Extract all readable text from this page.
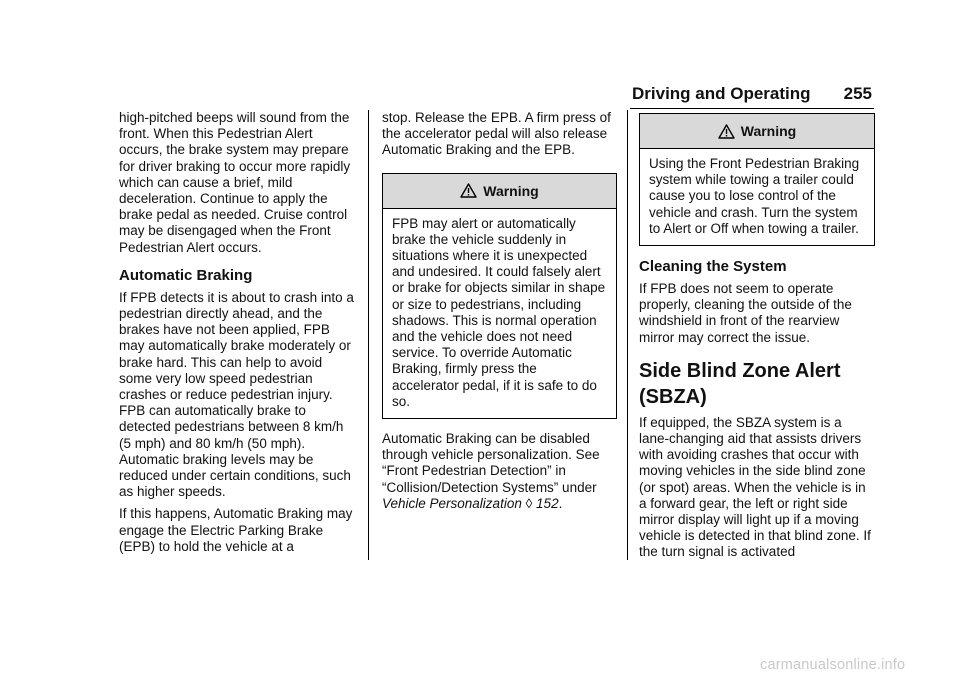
Driving and Operating 255

high-pitched beeps will sound from the front. When this Pedestrian Alert occurs, the brake system may prepare for driver braking to occur more rapidly which can cause a brief, mild deceleration. Continue to apply the brake pedal as needed. Cruise control may be disengaged when the Front Pedestrian Alert occurs.

Automatic Braking

If FPB detects it is about to crash into a pedestrian directly ahead, and the brakes have not been applied, FPB may automatically brake moderately or brake hard. This can help to avoid some very low speed pedestrian crashes or reduce pedestrian injury. FPB can automatically brake to detected pedestrians between 8 km/h (5 mph) and 80 km/h (50 mph). Automatic braking levels may be reduced under certain conditions, such as higher speeds.

If this happens, Automatic Braking may engage the Electric Parking Brake (EPB) to hold the vehicle at a

stop. Release the EPB. A firm press of the accelerator pedal will also release Automatic Braking and the EPB.

Warning

FPB may alert or automatically brake the vehicle suddenly in situations where it is unexpected and undesired. It could falsely alert or brake for objects similar in shape or size to pedestrians, including shadows. This is normal operation and the vehicle does not need service. To override Automatic Braking, firmly press the accelerator pedal, if it is safe to do so.

Automatic Braking can be disabled through vehicle personalization. See “Front Pedestrian Detection” in “Collision/Detection Systems” under Vehicle Personalization ◊ 152.

Warning

Using the Front Pedestrian Braking system while towing a trailer could cause you to lose control of the vehicle and crash. Turn the system to Alert or Off when towing a trailer.

Cleaning the System

If FPB does not seem to operate properly, cleaning the outside of the windshield in front of the rearview mirror may correct the issue.

Side Blind Zone Alert (SBZA)

If equipped, the SBZA system is a lane-changing aid that assists drivers with avoiding crashes that occur with moving vehicles in the side blind zone (or spot) areas. When the vehicle is in a forward gear, the left or right side mirror display will light up if a moving vehicle is detected in that blind zone. If the turn signal is activated

carmanualsonline.info
